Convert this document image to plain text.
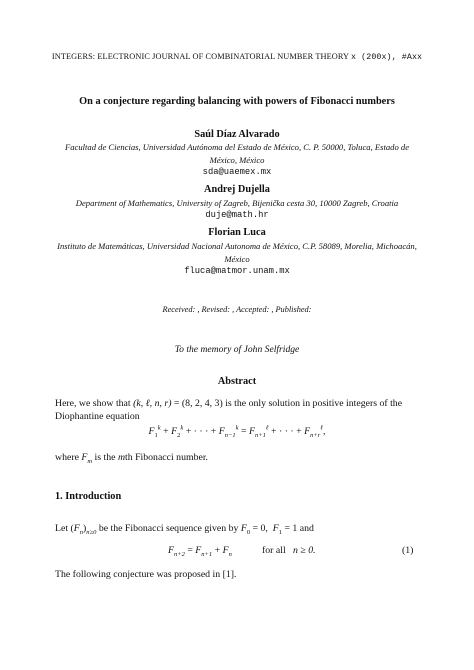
INTEGERS: ELECTRONIC JOURNAL OF COMBINATORIAL NUMBER THEORY x (200x), #Axx
On a conjecture regarding balancing with powers of Fibonacci numbers
Saúl Díaz Alvarado
Facultad de Ciencias, Universidad Autónoma del Estado de México, C. P. 50000, Toluca, Estado de
México, México
sda@uaemex.mx
Andrej Dujella
Department of Mathematics, University of Zagreb, Bijenička cesta 30, 10000 Zagreb, Croatia
duje@math.hr
Florian Luca
Instituto de Matemáticas, Universidad Nacional Autonoma de México, C.P. 58089, Morelia, Michoacán,
México
fluca@matmor.unam.mx
Received: , Revised: , Accepted: , Published:
To the memory of John Selfridge
Abstract
Here, we show that (k, ℓ, n, r) = (8, 2, 4, 3) is the only solution in positive integers of the
Diophantine equation
$F_1^k + F_2^k$ + · · · + $F_{n-1}^k = F_{n+1}^\ell$ + · · · + $F_{n+r}^\ell$,
where $F_m$ is the mth Fibonacci number.
1. Introduction
Let $(F_n)_{n\ge 0}$ be the Fibonacci sequence given by $F_0 = 0$,  $F_1 = 1$ and
$F_{n+2} = F_{n+1} + F_n$	for all n ≥ 0.	(1)
The following conjecture was proposed in [1].
